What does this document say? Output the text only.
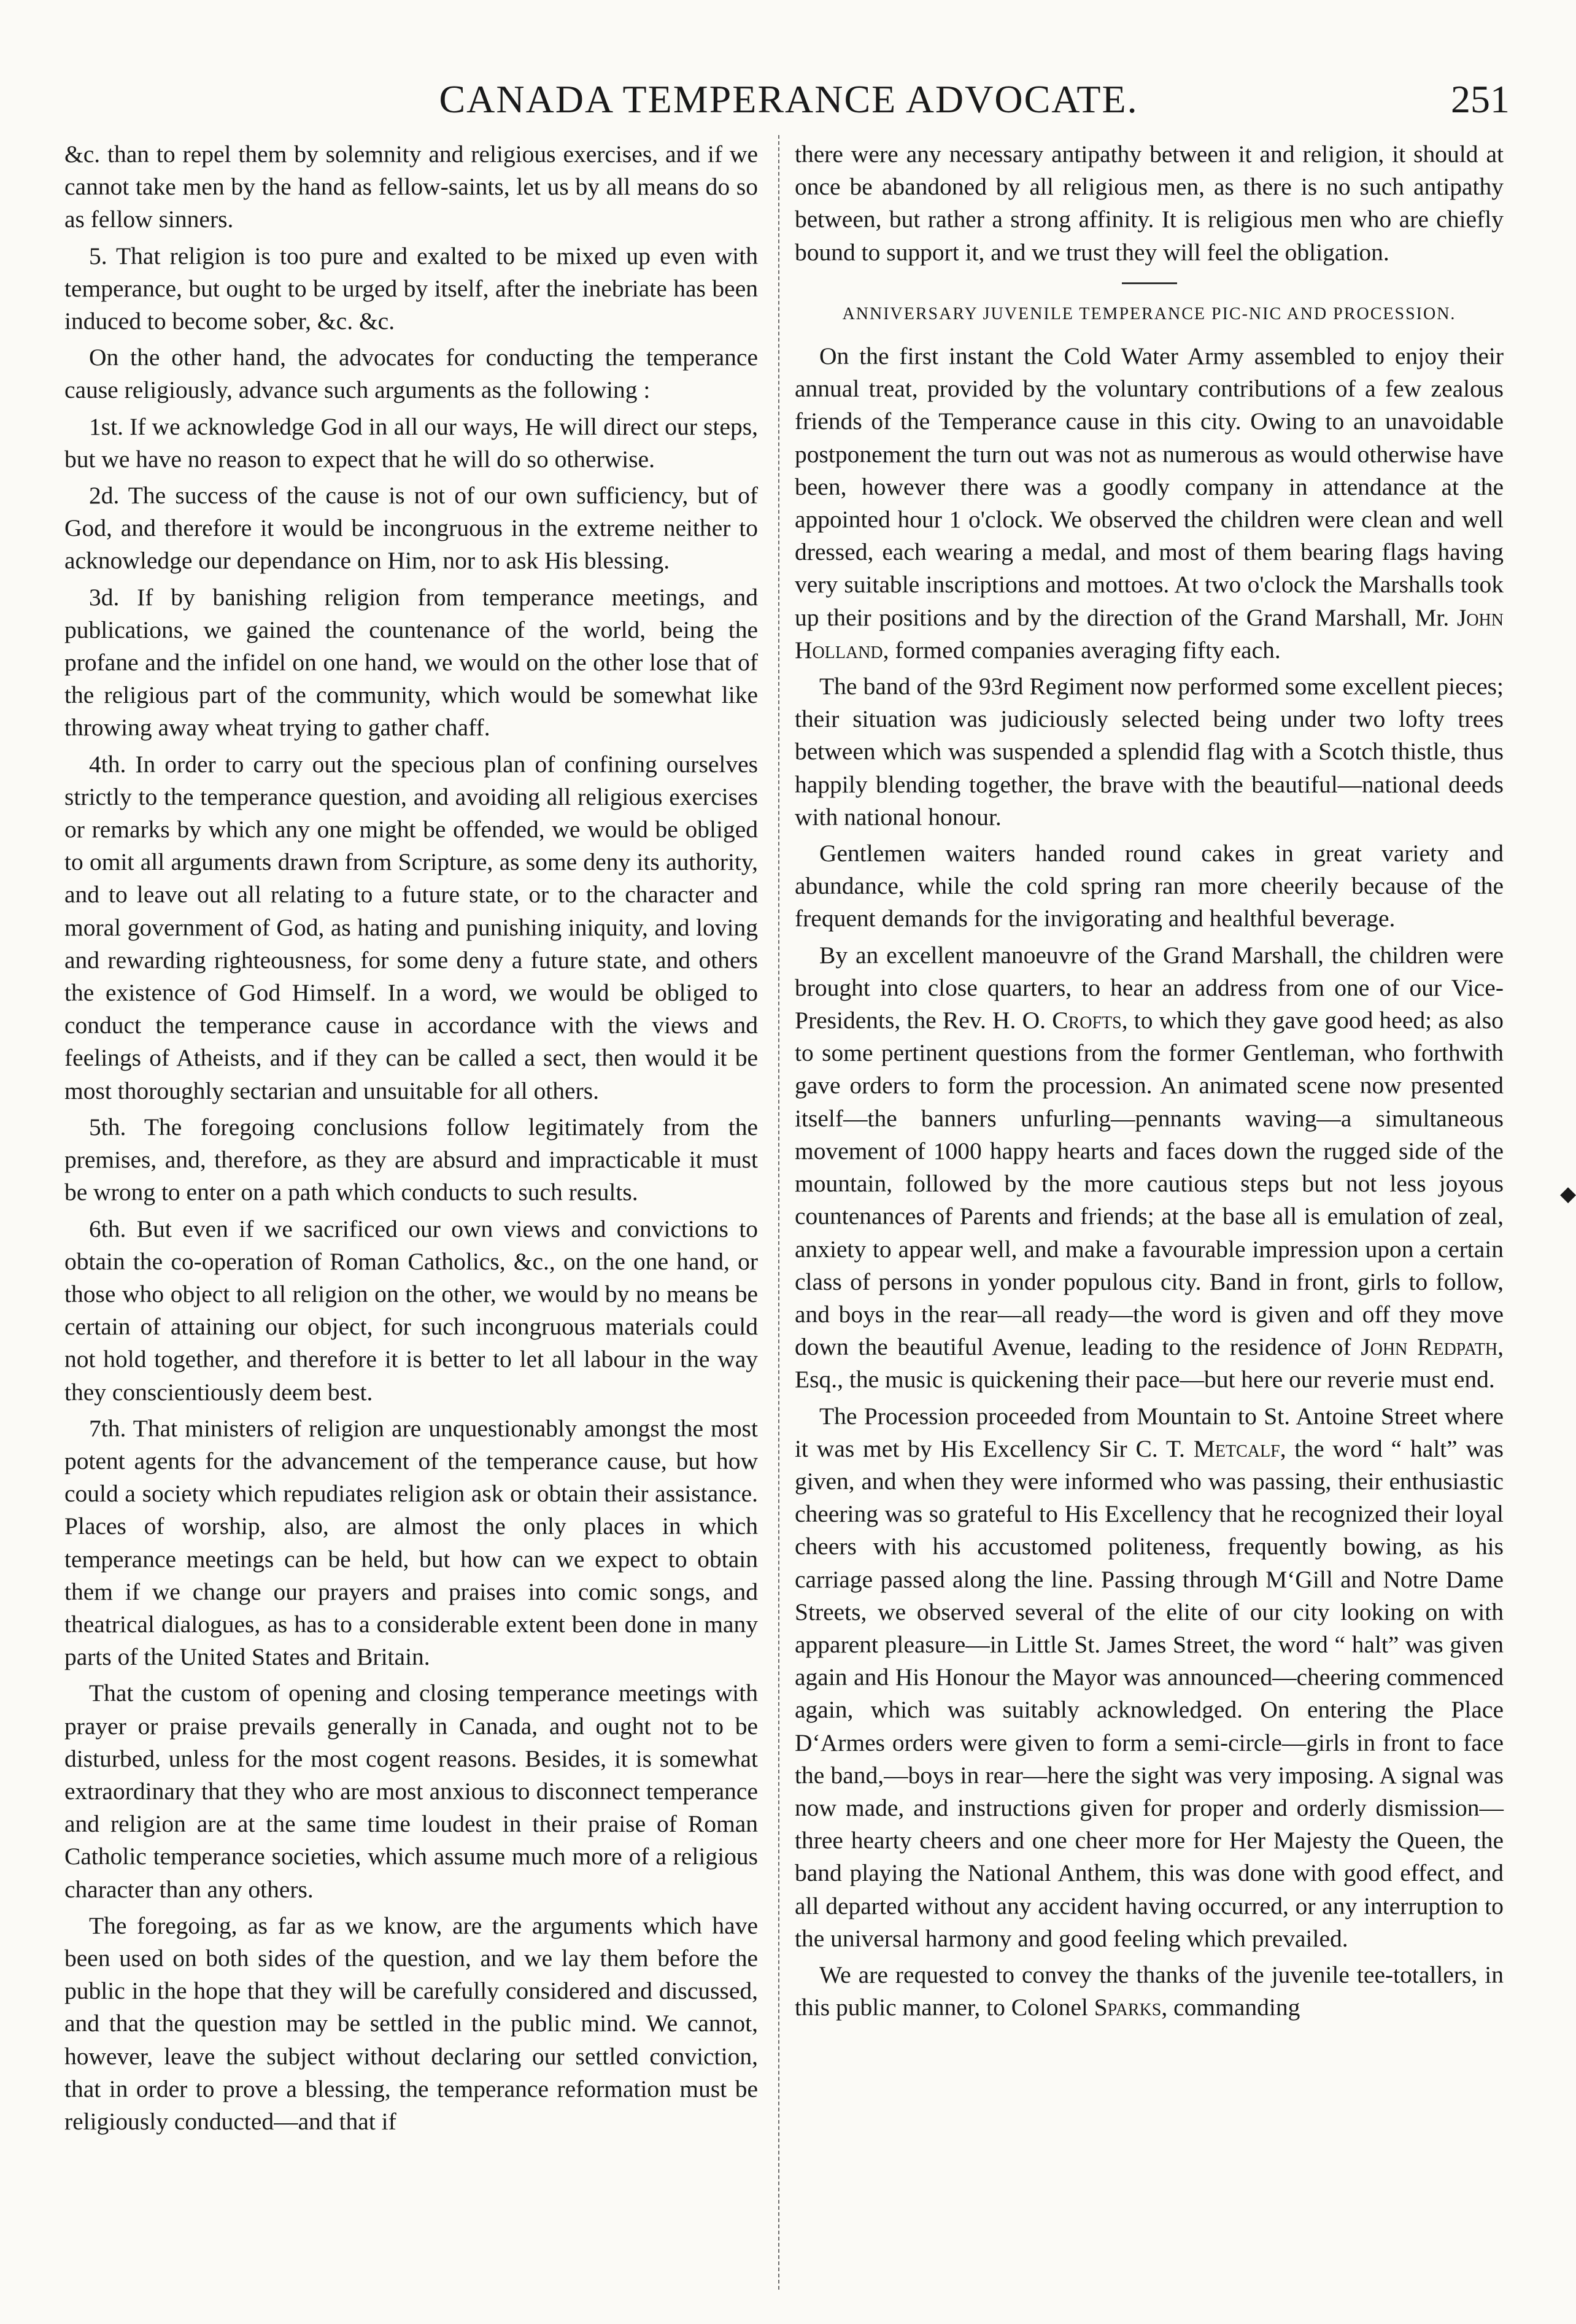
CANADA TEMPERANCE ADVOCATE.	251

&c. than to repel them by solemnity and religious exercises, and if we cannot take men by the hand as fellow-saints, let us by all means do so as fellow sinners.

5. That religion is too pure and exalted to be mixed up even with temperance, but ought to be urged by itself, after the inebriate has been induced to become sober, &c. &c.

On the other hand, the advocates for conducting the temperance cause religiously, advance such arguments as the following :

1st. If we acknowledge God in all our ways, He will direct our steps, but we have no reason to expect that he will do so otherwise.

2d. The success of the cause is not of our own sufficiency, but of God, and therefore it would be incongruous in the extreme neither to acknowledge our dependance on Him, nor to ask His blessing.

3d. If by banishing religion from temperance meetings, and publications, we gained the countenance of the world, being the profane and the infidel on one hand, we would on the other lose that of the religious part of the community, which would be somewhat like throwing away wheat trying to gather chaff.

4th. In order to carry out the specious plan of confining ourselves strictly to the temperance question, and avoiding all religious exercises or remarks by which any one might be offended, we would be obliged to omit all arguments drawn from Scripture, as some deny its authority, and to leave out all relating to a future state, or to the character and moral government of God, as hating and punishing iniquity, and loving and rewarding righteousness, for some deny a future state, and others the existence of God Himself. In a word, we would be obliged to conduct the temperance cause in accordance with the views and feelings of Atheists, and if they can be called a sect, then would it be most thoroughly sectarian and unsuitable for all others.

5th. The foregoing conclusions follow legitimately from the premises, and, therefore, as they are absurd and impracticable it must be wrong to enter on a path which conducts to such results.

6th. But even if we sacrificed our own views and convictions to obtain the co-operation of Roman Catholics, &c., on the one hand, or those who object to all religion on the other, we would by no means be certain of attaining our object, for such incongruous materials could not hold together, and therefore it is better to let all labour in the way they conscientiously deem best.

7th. That ministers of religion are unquestionably amongst the most potent agents for the advancement of the temperance cause, but how could a society which repudiates religion ask or obtain their assistance. Places of worship, also, are almost the only places in which temperance meetings can be held, but how can we expect to obtain them if we change our prayers and praises into comic songs, and theatrical dialogues, as has to a considerable extent been done in many parts of the United States and Britain.

That the custom of opening and closing temperance meetings with prayer or praise prevails generally in Canada, and ought not to be disturbed, unless for the most cogent reasons. Besides, it is somewhat extraordinary that they who are most anxious to disconnect temperance and religion are at the same time loudest in their praise of Roman Catholic temperance societies, which assume much more of a religious character than any others.

The foregoing, as far as we know, are the arguments which have been used on both sides of the question, and we lay them before the public in the hope that they will be carefully considered and discussed, and that the question may be settled in the public mind. We cannot, however, leave the subject without declaring our settled conviction, that in order to prove a blessing, the temperance reformation must be religiously conducted—and that if

there were any necessary antipathy between it and religion, it should at once be abandoned by all religious men, as there is no such antipathy between, but rather a strong affinity. It is religious men who are chiefly bound to support it, and we trust they will feel the obligation.

ANNIVERSARY JUVENILE TEMPERANCE PIC-NIC AND PROCESSION.

On the first instant the Cold Water Army assembled to enjoy their annual treat, provided by the voluntary contributions of a few zealous friends of the Temperance cause in this city. Owing to an unavoidable postponement the turn out was not as numerous as would otherwise have been, however there was a goodly company in attendance at the appointed hour 1 o'clock. We observed the children were clean and well dressed, each wearing a medal, and most of them bearing flags having very suitable inscriptions and mottoes. At two o'clock the Marshalls took up their positions and by the direction of the Grand Marshall, Mr. John Holland, formed companies averaging fifty each.

The band of the 93rd Regiment now performed some excellent pieces; their situation was judiciously selected being under two lofty trees between which was suspended a splendid flag with a Scotch thistle, thus happily blending together, the brave with the beautiful—national deeds with national honour.

Gentlemen waiters handed round cakes in great variety and abundance, while the cold spring ran more cheerily because of the frequent demands for the invigorating and healthful beverage.

By an excellent manoeuvre of the Grand Marshall, the children were brought into close quarters, to hear an address from one of our Vice-Presidents, the Rev. H. O. Crofts, to which they gave good heed; as also to some pertinent questions from the former Gentleman, who forthwith gave orders to form the procession. An animated scene now presented itself—the banners unfurling—pennants waving—a simultaneous movement of 1000 happy hearts and faces down the rugged side of the mountain, followed by the more cautious steps but not less joyous countenances of Parents and friends; at the base all is emulation of zeal, anxiety to appear well, and make a favourable impression upon a certain class of persons in yonder populous city. Band in front, girls to follow, and boys in the rear—all ready—the word is given and off they move down the beautiful Avenue, leading to the residence of John Redpath, Esq., the music is quickening their pace—but here our reverie must end.

The Procession proceeded from Mountain to St. Antoine Street where it was met by His Excellency Sir C. T. Metcalf, the word “ halt” was given, and when they were informed who was passing, their enthusiastic cheering was so grateful to His Excellency that he recognized their loyal cheers with his accustomed politeness, frequently bowing, as his carriage passed along the line. Passing through M‘Gill and Notre Dame Streets, we observed several of the elite of our city looking on with apparent pleasure—in Little St. James Street, the word “ halt” was given again and His Honour the Mayor was announced—cheering commenced again, which was suitably acknowledged. On entering the Place D‘Armes orders were given to form a semi-circle—girls in front to face the band,—boys in rear—here the sight was very imposing. A signal was now made, and instructions given for proper and orderly dismission—three hearty cheers and one cheer more for Her Majesty the Queen, the band playing the National Anthem, this was done with good effect, and all departed without any accident having occurred, or any interruption to the universal harmony and good feeling which prevailed.

We are requested to convey the thanks of the juvenile tee-totallers, in this public manner, to Colonel Sparks, commanding

◆
